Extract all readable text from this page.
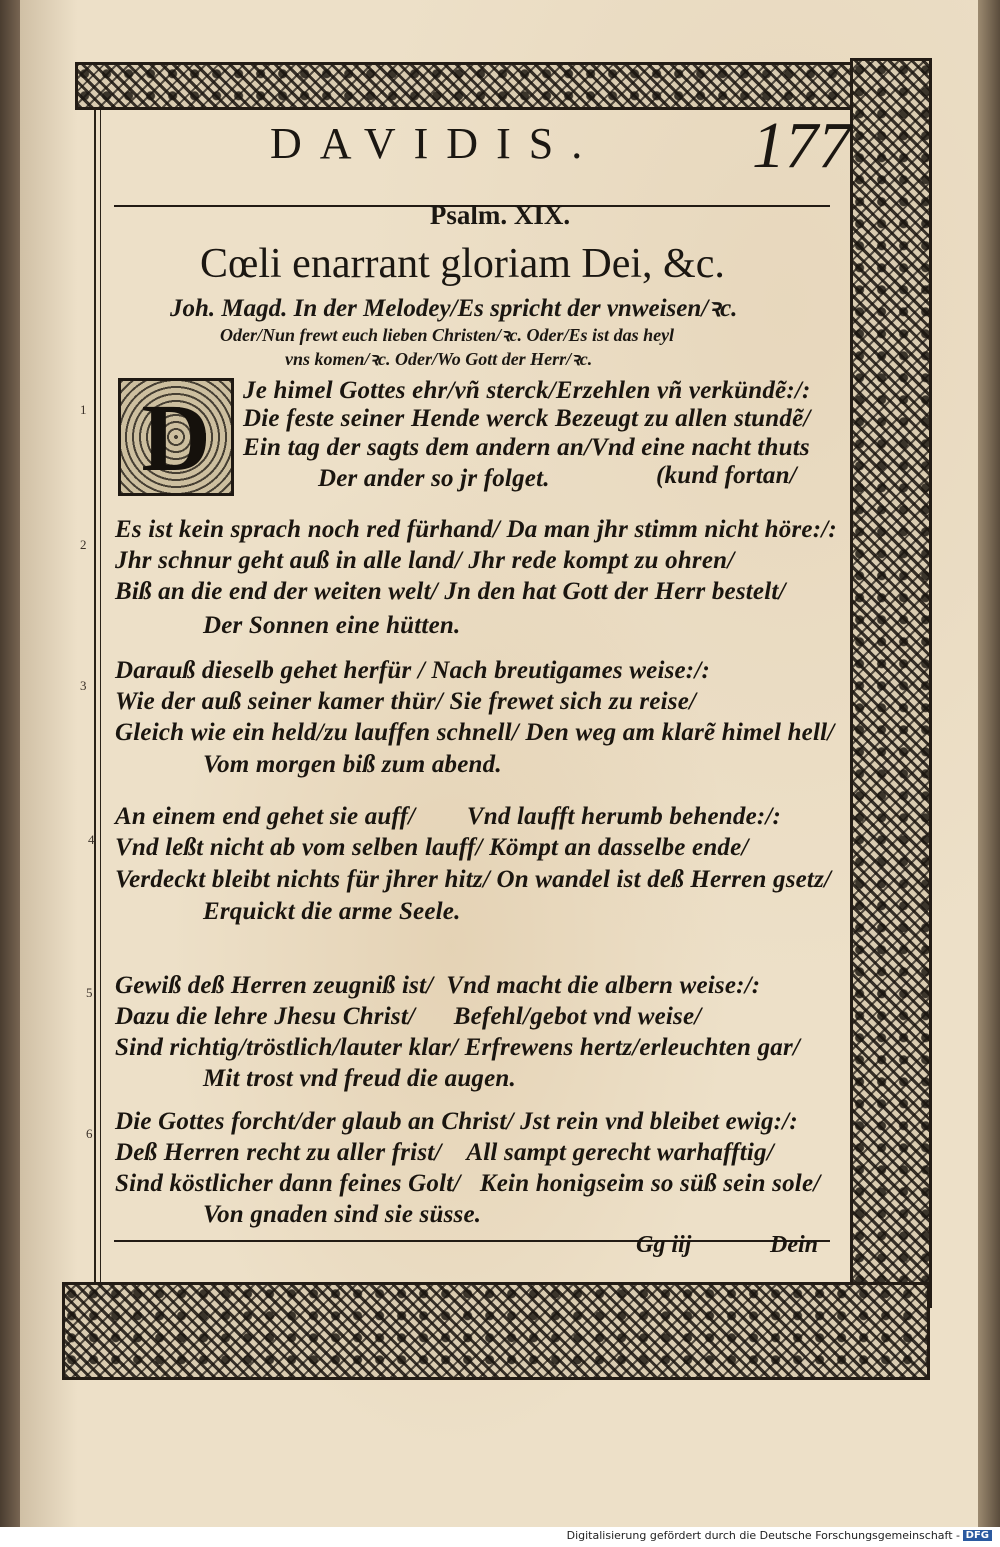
DAVIDIS. 177
Psalm. XIX.
Cœli enarrant gloriam Dei, &c.
Joh. Magd. In der Melodey/Es spricht der vnweisen/ꝛc.
Oder/Nun frewt euch lieben Christen/ꝛc. Oder/Es ist das heyl
vns komen/ꝛc. Oder/Wo Gott der Herr/ꝛc.
D
1
Je himel Gottes ehr/vñ sterck/Erzehlen vñ verkündẽ:/:
Die feste seiner Hende werck Bezeugt zu allen stundẽ/
Ein tag der sagts dem andern an/Vnd eine nacht thuts
Der ander so jr folget.	(kund fortan/
2
Es ist kein sprach noch red fürhand/ Da man jhr stimm nicht höre:/:
Jhr schnur geht auß in alle land/ Jhr rede kompt zu ohren/
Biß an die end der weiten welt/ Jn den hat Gott der Herr bestelt/
Der Sonnen eine hütten.
3
Darauß dieselb gehet herfür / Nach breutigames weise:/:
Wie der auß seiner kamer thür/ Sie frewet sich zu reise/
Gleich wie ein held/zu lauffen schnell/ Den weg am klarẽ himel hell/
Vom morgen biß zum abend.
4
An einem end gehet sie auff/        Vnd laufft herumb behende:/:
Vnd leßt nicht ab vom selben lauff/ Kömpt an dasselbe ende/
Verdeckt bleibt nichts für jhrer hitz/ On wandel ist deß Herren gsetz/
Erquickt die arme Seele.
5 Gewiß deß Herren zeugniß ist/  Vnd macht die albern weise:/:
Dazu die lehre Jhesu Christ/      Befehl/gebot vnd weise/
Sind richtig/tröstlich/lauter klar/ Erfrewens hertz/erleuchten gar/
Mit trost vnd freud die augen.
6 Die Gottes forcht/der glaub an Christ/ Jst rein vnd bleibet ewig:/:
Deß Herren recht zu aller frist/    All sampt gerecht warhafftig/
Sind köstlicher dann feines Golt/   Kein honigseim so süß sein sole/
Von gnaden sind sie süsse.
Gg iij	Dein
Digitalisierung gefördert durch die Deutsche Forschungsgemeinschaft - DFG
